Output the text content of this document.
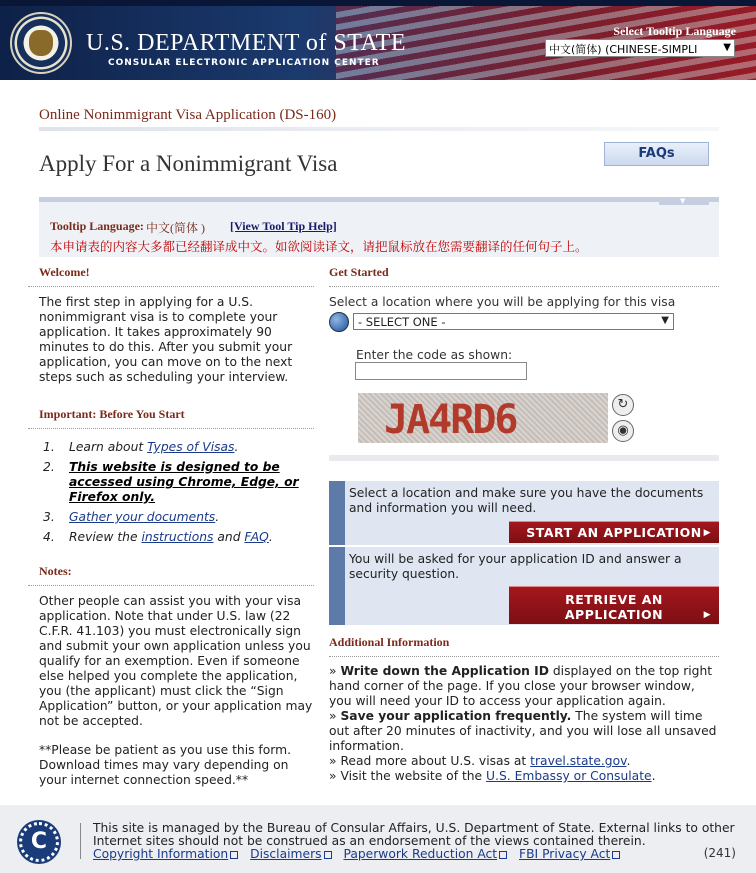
U.S. DEPARTMENT of STATE
CONSULAR ELECTRONIC APPLICATION CENTER
Select Tooltip Language
中文(简体) (CHINESE-SIMPLI	▼
Online Nonimmigrant Visa Application (DS-160)
Apply For a Nonimmigrant Visa	FAQs
▼
Tooltip Language: 中文(简体 ) [View Tool Tip Help]
本申请表的内容大多都已经翻译成中文。如欲阅读译文，请把鼠标放在您需要翻译的任何句子上。
Welcome!
The first step in applying for a U.S. nonimmigrant visa is to complete your application. It takes approximately 90 minutes to do this. After you submit your application, you can move on to the next steps such as scheduling your interview.
Important: Before You Start
1. Learn about Types of Visas.
2. This website is designed to be accessed using Chrome, Edge, or Firefox only.
3. Gather your documents.
4. Review the instructions and FAQ.
Notes:
Other people can assist you with your visa application. Note that under U.S. law (22 C.F.R. 41.103) you must electronically sign and submit your own application unless you qualify for an exemption. Even if someone else helped you complete the application, you (the applicant) must click the “Sign Application” button, or your application may not be accepted.
**Please be patient as you use this form. Download times may vary depending on your internet connection speed.**
Get Started
Select a location where you will be applying for this visa
- SELECT ONE -	▼
Enter the code as shown:
JA4RD6	↻
◉
Select a location and make sure you have the documents and information you will need.
START AN APPLICATION ▶
You will be asked for your application ID and answer a security question.
RETRIEVE AN
APPLICATION	▶
Additional Information

» Write down the Application ID displayed on the top right hand corner of the page. If you close your browser window, you will need your ID to access your application again.

» Save your application frequently. The system will time out after 20 minutes of inactivity, and you will lose all unsaved information.

» Read more about U.S. visas at travel.state.gov.

» Visit the website of the U.S. Embassy or Consulate.

C
This site is managed by the Bureau of Consular Affairs, U.S. Department of State. External links to other Internet sites should not be construed as an endorsement of the views contained therein.
Copyright Information Disclaimers Paperwork Reduction Act FBI Privacy Act	(241)
